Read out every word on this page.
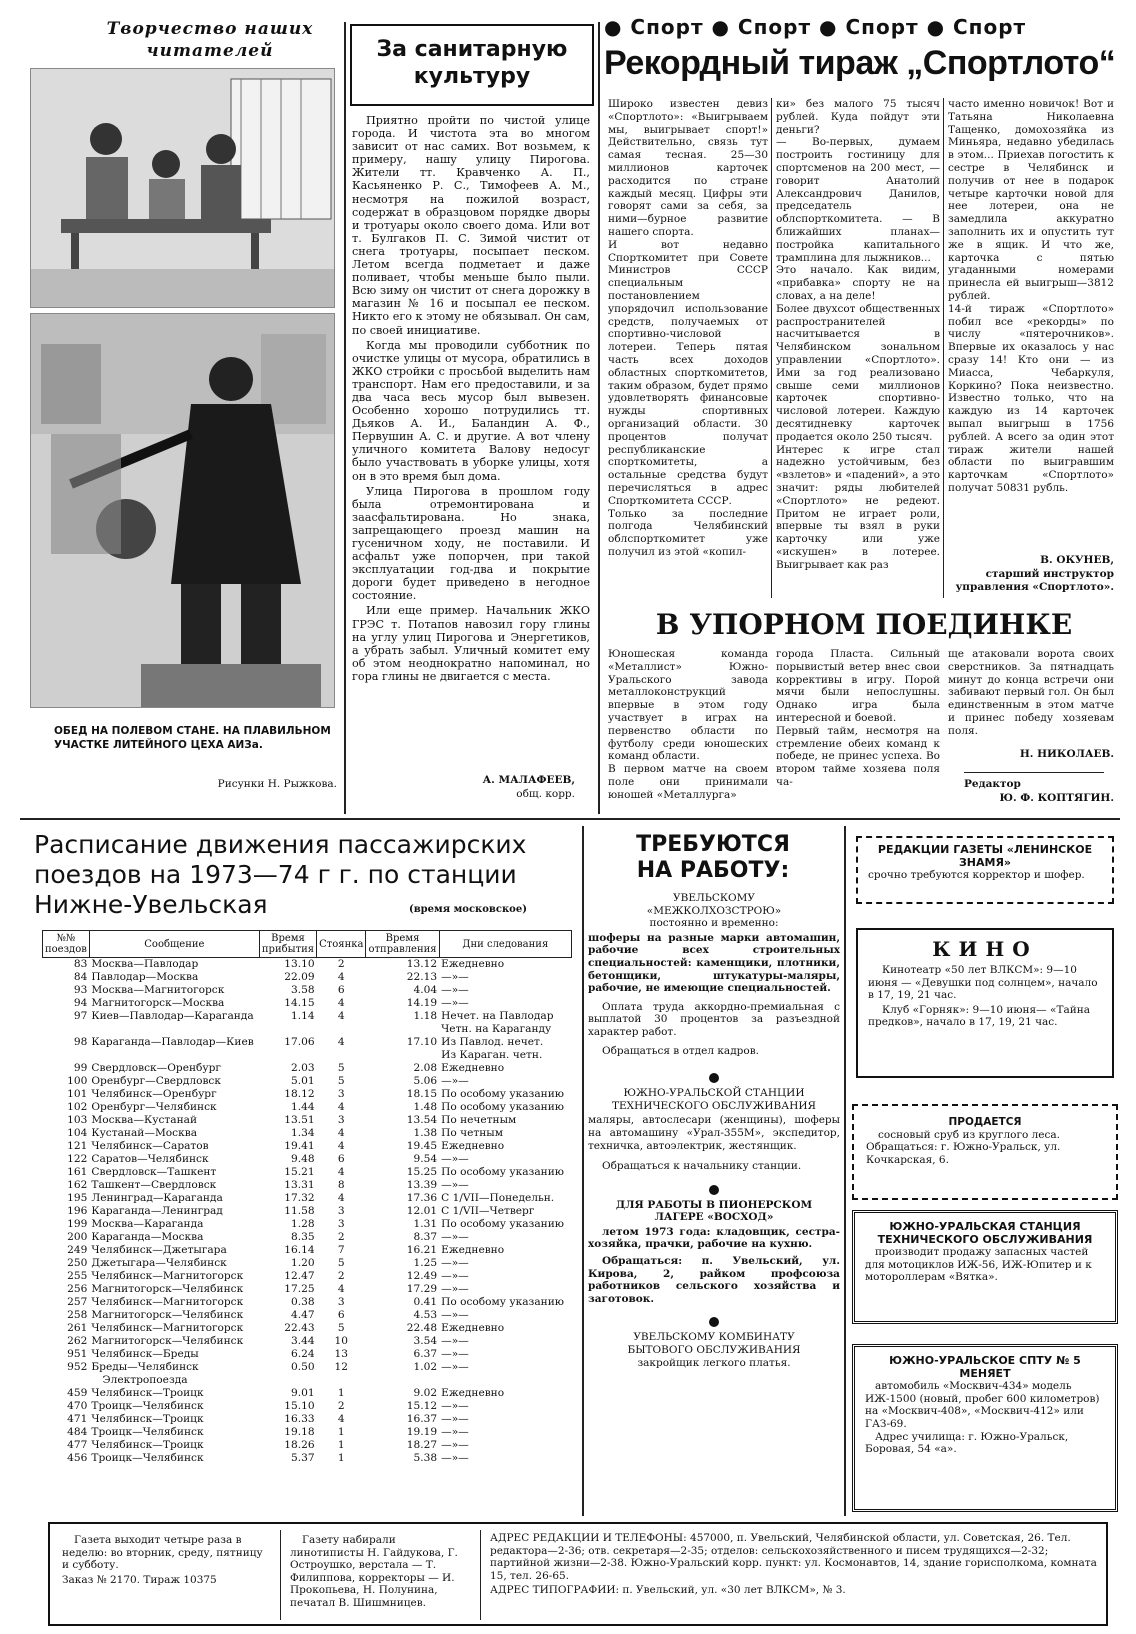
Творчество наших читателей
ОБЕД НА ПОЛЕВОМ СТАНЕ. НА ПЛАВИЛЬНОМ УЧАСТКЕ ЛИТЕЙНОГО ЦЕХА АИЗа.
Рисунки Н. Рыжкова.
За санитарную культуру

Приятно пройти по чистой улице города. И чистота эта во многом зависит от нас самих. Вот возьмем, к примеру, нашу улицу Пирогова. Жители тт. Кравченко А. П., Касьяненко Р. С., Тимофеев А. М., несмотря на пожилой возраст, содержат в образцовом порядке дворы и тротуары около своего дома. Или вот т. Булгаков П. С. Зимой чистит от снега тротуары, посыпает песком. Летом всегда подметает и даже поливает, чтобы меньше было пыли. Всю зиму он чистит от снега дорожку в магазин № 16 и посыпал ее песком. Никто его к этому не обязывал. Он сам, по своей инициативе.

Когда мы проводили субботник по очистке улицы от мусора, обратились в ЖКО стройки с просьбой выделить нам транспорт. Нам его предоставили, и за два часа весь мусор был вывезен. Особенно хорошо потрудились тт. Дьяков А. И., Баландин А. Ф., Первушин А. С. и другие. А вот члену уличного комитета Валову недосуг было участвовать в уборке улицы, хотя он в это время был дома.

Улица Пирогова в прошлом году была отремонтирована и заасфальтирована. Но знака, запрещающего проезд машин на гусеничном ходу, не поставили. И асфальт уже попорчен, при такой эксплуатации год-два и покрытие дороги будет приведено в негодное состояние.

Или еще пример. Начальник ЖКО ГРЭС т. Потапов навозил гору глины на углу улиц Пирогова и Энергетиков, а убрать забыл. Уличный комитет ему об этом неоднократно напоминал, но гора глины не двигается с места.

А. МАЛАФЕЕВ,
общ. корр.
● Спорт ● Спорт ● Спорт ● Спорт
Рекордный тираж „Спортлото“
Широко известен девиз «Спортлото»: «Выигрываем мы, выигрывает спорт!» Действительно, связь тут самая тесная. 25—30 миллионов карточек расходится по стране каждый месяц. Цифры эти говорят сами за себя, за ними—бурное развитие нашего спорта.
И вот недавно Спорткомитет при Совете Министров СССР специальным постановлением упорядочил использование средств, получаемых от спортивно-числовой лотереи. Теперь пятая часть всех доходов областных спорткомитетов, таким образом, будет прямо удовлетворять финансовые нужды спортивных организаций области. 30 процентов получат республиканские спорткомитеты, а остальные средства будут перечисляться в адрес Спорткомитета СССР.
Только за последние полгода Челябинский облспорткомитет уже получил из этой «копил-
ки» без малого 75 тысяч рублей. Куда пойдут эти деньги?
— Во-первых, думаем построить гостиницу для спортсменов на 200 мест, — говорит Анатолий Александрович Данилов, председатель облспорткомитета. — В ближайших планах—постройка капитального трамплина для лыжников...
Это начало. Как видим, «прибавка» спорту не на словах, а на деле!
Более двухсот общественных распространителей насчитывается в Челябинском зональном управлении «Спортлото». Ими за год реализовано свыше семи миллионов карточек спортивно-числовой лотереи. Каждую десятидневку карточек продается около 250 тысяч.
Интерес к игре стал надежно устойчивым, без «взлетов» и «падений», а это значит: ряды любителей «Спортлото» не редеют. Притом не играет роли, впервые ты взял в руки карточку или уже «искушен» в лотерее. Выигрывает как раз
часто именно новичок! Вот и Татьяна Николаевна Тащенко, домохозяйка из Миньяра, недавно убедилась в этом... Приехав погостить к сестре в Челябинск и получив от нее в подарок четыре карточки новой для нее лотереи, она не замедлила аккуратно заполнить их и опустить тут же в ящик. И что же, карточка с пятью угаданными номерами принесла ей выигрыш—3812 рублей.
14-й тираж «Спортлото» побил все «рекорды» по числу «пятерочников». Впервые их оказалось у нас сразу 14! Кто они — из Миасса, Чебаркуля, Коркино? Пока неизвестно. Известно только, что на каждую из 14 карточек выпал выигрыш в 1756 рублей. А всего за один этот тираж жители нашей области по выигравшим карточкам «Спортлото» получат 50831 рубль.
В. ОКУНЕВ,
старший инструктор управления «Спортлото».
В УПОРНОМ ПОЕДИНКЕ
Юношеская команда «Металлист» Южно-Уральского завода металлоконструкций впервые в этом году участвует в играх на первенство области по футболу среди юношеских команд области.
В первом матче на своем поле они принимали юношей «Металлурга»
города Пласта. Сильный порывистый ветер внес свои коррективы в игру. Порой мячи были непослушны. Однако игра была интересной и боевой.
Первый тайм, несмотря на стремление обеих команд к победе, не принес успеха. Во втором тайме хозяева поля ча-
ще атаковали ворота своих сверстников. За пятнадцать минут до конца встречи они забивают первый гол. Он был единственным в этом матче и принес победу хозяевам поля.
Н. НИКОЛАЕВ.
Редактор
Ю. Ф. КОПТЯГИН.
Расписание движения пассажирских поездов на 1973—74 г г. по станции Нижне-Увельская	(время московское)
№№ поездов	Сообщение	Время прибытия	Стоянка	Время отправления	Дни следования
83	Москва—Павлодар	13.10	2	13.12	Ежедневно
84	Павлодар—Москва	22.09	4	22.13	—»—
93	Москва—Магнитогорск	3.58	6	4.04	—»—
94	Магнитогорск—Москва	14.15	4	14.19	—»—
97	Киев—Павлодар—Караганда	1.14	4	1.18	Нечет. на Павлодар
					Четн. на Караганду
98	Караганда—Павлодар—Киев	17.06	4	17.10	Из Павлод. нечет.
					Из Караган. четн.
99	Свердловск—Оренбург	2.03	5	2.08	Ежедневно
100	Оренбург—Свердловск	5.01	5	5.06	—»—
101	Челябинск—Оренбург	18.12	3	18.15	По особому указанию
102	Оренбург—Челябинск	1.44	4	1.48	По особому указанию
103	Москва—Кустанай	13.51	3	13.54	По нечетным
104	Кустанай—Москва	1.34	4	1.38	По четным
121	Челябинск—Саратов	19.41	4	19.45	Ежедневно
122	Саратов—Челябинск	9.48	6	9.54	—»—
161	Свердловск—Ташкент	15.21	4	15.25	По особому указанию
162	Ташкент—Свердловск	13.31	8	13.39	—»—
195	Ленинград—Караганда	17.32	4	17.36	С 1/VII—Понедельн.
196	Караганда—Ленинград	11.58	3	12.01	С 1/VII—Четверг
199	Москва—Караганда	1.28	3	1.31	По особому указанию
200	Караганда—Москва	8.35	2	8.37	—»—
249	Челябинск—Джетыгара	16.14	7	16.21	Ежедневно
250	Джетыгара—Челябинск	1.20	5	1.25	—»—
255	Челябинск—Магнитогорск	12.47	2	12.49	—»—
256	Магнитогорск—Челябинск	17.25	4	17.29	—»—
257	Челябинск—Магнитогорск	0.38	3	0.41	По особому указанию
258	Магнитогорск—Челябинск	4.47	6	4.53	—»—
261	Челябинск—Магнитогорск	22.43	5	22.48	Ежедневно
262	Магнитогорск—Челябинск	3.44	10	3.54	—»—
951	Челябинск—Бреды	6.24	13	6.37	—»—
952	Бреды—Челябинск	0.50	12	1.02	—»—
Электропоезда					
459	Челябинск—Троицк	9.01	1	9.02	Ежедневно
470	Троицк—Челябинск	15.10	2	15.12	—»—
471	Челябинск—Троицк	16.33	4	16.37	—»—
484	Троицк—Челябинск	19.18	1	19.19	—»—
477	Челябинск—Троицк	18.26	1	18.27	—»—
456	Троицк—Челябинск	5.37	1	5.38	—»—
ТРЕБУЮТСЯ НА РАБОТУ:
УВЕЛЬСКОМУ «МЕЖКОЛХОЗСТРОЮ» постоянно и временно:
шоферы на разные марки автомашин, рабочие всех строительных специальностей: каменщики, плотники, бетонщики, штукатуры-маляры, рабочие, не имеющие специальностей.
Оплата труда аккордно-премиальная с выплатой 30 процентов за разъездной характер работ.
Обращаться в отдел кадров.
ЮЖНО-УРАЛЬСКОЙ СТАНЦИИ ТЕХНИЧЕСКОГО ОБСЛУЖИВАНИЯ
маляры, автослесари (женщины), шоферы на автомашину «Урал-355М», экспедитор, техничка, автоэлектрик, жестянщик.
Обращаться к начальнику станции.
ДЛЯ РАБОТЫ В ПИОНЕРСКОМ ЛАГЕРЕ «ВОСХОД»
летом 1973 года: кладовщик, сестра-хозяйка, прачки, рабочие на кухню.
Обращаться: п. Увельский, ул. Кирова, 2, райком профсоюза работников сельского хозяйства и заготовок.
УВЕЛЬСКОМУ КОМБИНАТУ БЫТОВОГО ОБСЛУЖИВАНИЯ
закройщик легкого платья.
РЕДАКЦИИ ГАЗЕТЫ «ЛЕНИНСКОЕ ЗНАМЯ»
срочно требуются корректор и шофер.
КИНО
Кинотеатр «50 лет ВЛКСМ»: 9—10 июня — «Девушки под солнцем», начало в 17, 19, 21 час.
Клуб «Горняк»: 9—10 июня— «Тайна предков», начало в 17, 19, 21 час.
ПРОДАЕТСЯ
сосновый сруб из круглого леса. Обращаться: г. Южно-Уральск, ул. Кочкарская, 6.
ЮЖНО-УРАЛЬСКАЯ СТАНЦИЯ ТЕХНИЧЕСКОГО ОБСЛУЖИВАНИЯ
производит продажу запасных частей для мотоциклов ИЖ-56, ИЖ-Юпитер и к мотороллерам «Вятка».
ЮЖНО-УРАЛЬСКОЕ СПТУ № 5 МЕНЯЕТ
автомобиль «Москвич-434» модель ИЖ-1500 (новый, пробег 600 километров) на «Москвич-408», «Москвич-412» или ГАЗ-69.
Адрес училища: г. Южно-Уральск, Боровая, 54 «а».
Газета выходит четыре раза в неделю: во вторник, среду, пятницу и субботу.
Заказ № 2170. Тираж 10375
Газету набирали линотиписты Н. Гайдукова, Г. Остроушко, верстала — Т. Филиппова, корректоры — И. Прокопьева, Н. Полунина, печатал В. Шишмницев.
АДРЕС РЕДАКЦИИ И ТЕЛЕФОНЫ: 457000, п. Увельский, Челябинской области, ул. Советская, 26. Тел. редактора—2-36; отв. секретаря—2-35; отделов: сельскохозяйственного и писем трудящихся—2-32; партийной жизни—2-38. Южно-Уральский корр. пункт: ул. Космонавтов, 14, здание горисполкома, комната 15, тел. 26-65.
АДРЕС ТИПОГРАФИИ: п. Увельский, ул. «30 лет ВЛКСМ», № 3.
